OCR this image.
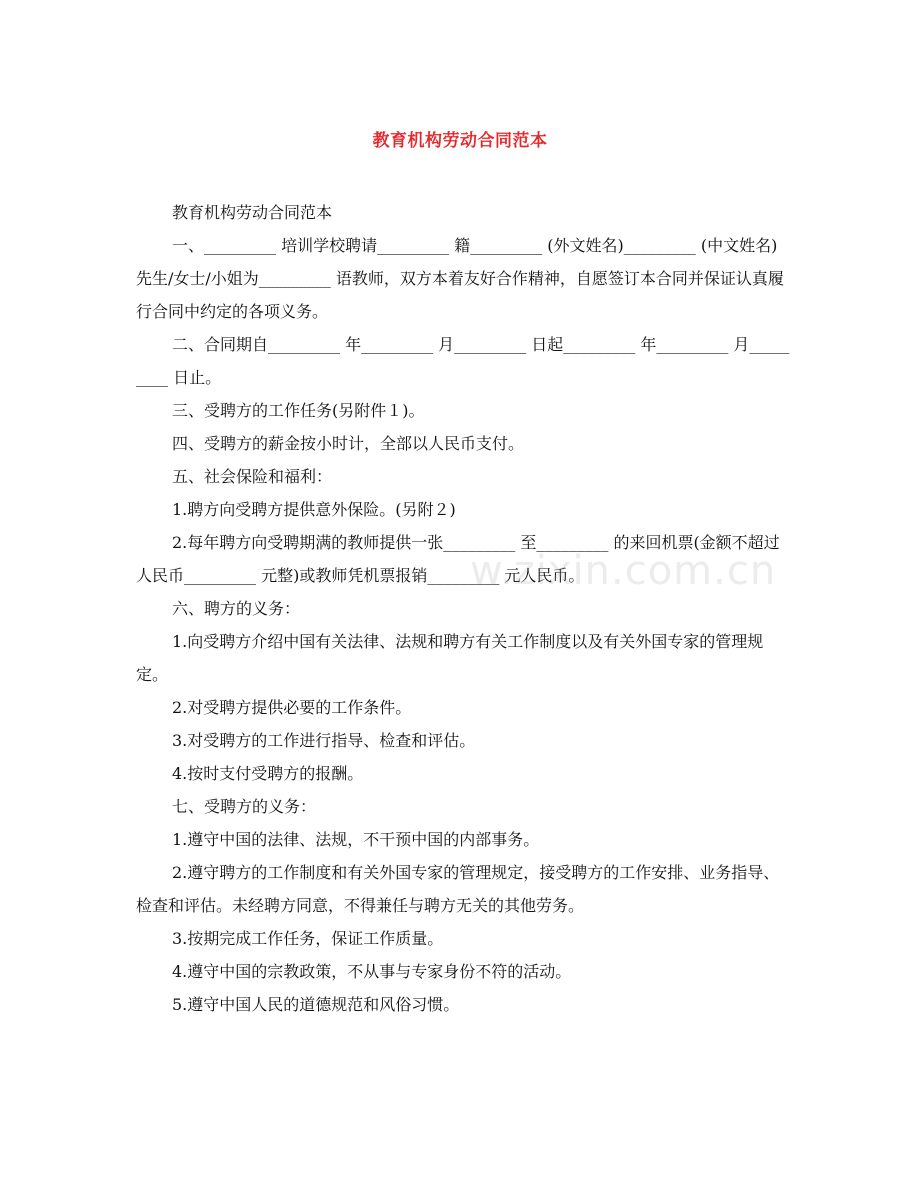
教育机构劳动合同范本

教育机构劳动合同范本

一、_________ 培训学校聘请_________ 籍_________ (外文姓名)_________ (中文姓名)先生/女士/小姐为_________ 语教师，双方本着友好合作精神，自愿签订本合同并保证认真履行合同中约定的各项义务。

二、合同期自_________ 年_________ 月_________ 日起_________ 年_________ 月_________ 日止。

三、受聘方的工作任务(另附件１)。

四、受聘方的薪金按小时计，全部以人民币支付。

五、社会保险和福利：

1.聘方向受聘方提供意外保险。(另附２)

2.每年聘方向受聘期满的教师提供一张_________ 至_________ 的来回机票(金额不超过人民币_________ 元整)或教师凭机票报销_________ 元人民币。

六、聘方的义务：

1.向受聘方介绍中国有关法律、法规和聘方有关工作制度以及有关外国专家的管理规定。

2.对受聘方提供必要的工作条件。

3.对受聘方的工作进行指导、检查和评估。

4.按时支付受聘方的报酬。

七、受聘方的义务：

1.遵守中国的法律、法规，不干预中国的内部事务。

2.遵守聘方的工作制度和有关外国专家的管理规定，接受聘方的工作安排、业务指导、检查和评估。未经聘方同意，不得兼任与聘方无关的其他劳务。

3.按期完成工作任务，保证工作质量。

4.遵守中国的宗教政策，不从事与专家身份不符的活动。

5.遵守中国人民的道德规范和风俗习惯。

w.zixin.com.cn
